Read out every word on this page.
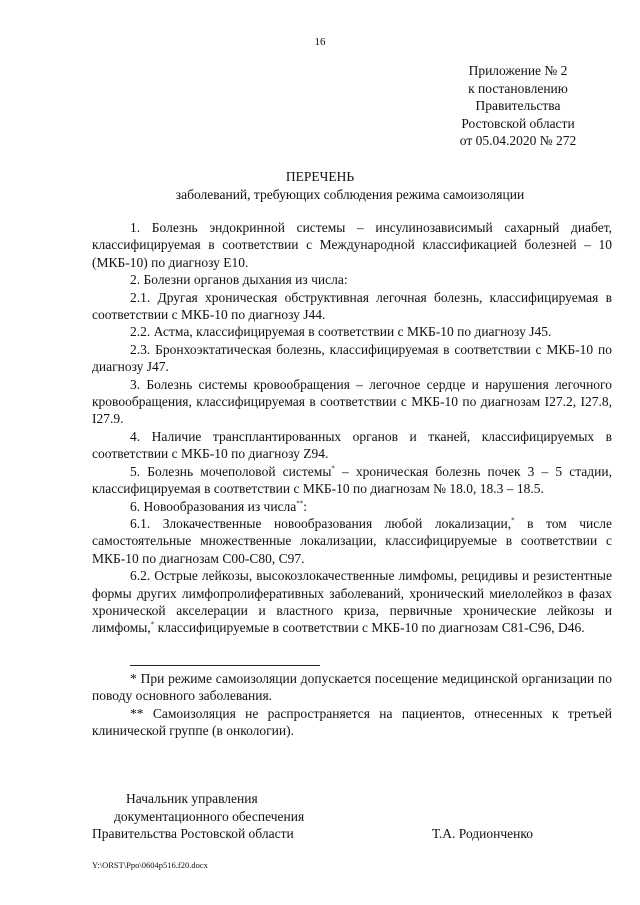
16
Приложение № 2
к постановлению
Правительства
Ростовской области
от 05.04.2020 № 272
ПЕРЕЧЕНЬ
заболеваний, требующих соблюдения режима самоизоляции

1. Болезнь эндокринной системы – инсулинозависимый сахарный диабет, классифицируемая в соответствии с Международной классификацией болезней – 10 (МКБ-10) по диагнозу E10.

2. Болезни органов дыхания из числа:

2.1. Другая хроническая обструктивная легочная болезнь, классифицируемая в соответствии с МКБ-10 по диагнозу J44.

2.2. Астма, классифицируемая в соответствии с МКБ-10 по диагнозу J45.

2.3. Бронхоэктатическая болезнь, классифицируемая в соответствии с МКБ-10 по диагнозу J47.

3. Болезнь системы кровообращения – легочное сердце и нарушения легочного кровообращения, классифицируемая в соответствии с МКБ-10 по диагнозам I27.2, I27.8, I27.9.

4. Наличие трансплантированных органов и тканей, классифицируемых в соответствии с МКБ-10 по диагнозу Z94.

5. Болезнь мочеполовой системы* – хроническая болезнь почек 3 – 5 стадии, классифицируемая в соответствии с МКБ-10 по диагнозам № 18.0, 18.3 – 18.5.

6. Новообразования из числа**:

6.1. Злокачественные новообразования любой локализации,* в том числе самостоятельные множественные локализации, классифицируемые в соответствии с МКБ-10 по диагнозам C00-C80, C97.

6.2. Острые лейкозы, высокозлокачественные лимфомы, рецидивы и резистентные формы других лимфопролиферативных заболеваний, хронический миелолейкоз в фазах хронической акселерации и властного криза, первичные хронические лейкозы и лимфомы,* классифицируемые в соответствии с МКБ-10 по диагнозам C81-C96, D46.

* При режиме самоизоляции допускается посещение медицинской организации по поводу основного заболевания.

** Самоизоляция не распространяется на пациентов, отнесенных к третьей клинической группе (в онкологии).

Начальник управления
документационного обеспечения
Правительства Ростовской области	Т.А. Родионченко
Y:\ORST\Ppo\0604p516.f20.docx
